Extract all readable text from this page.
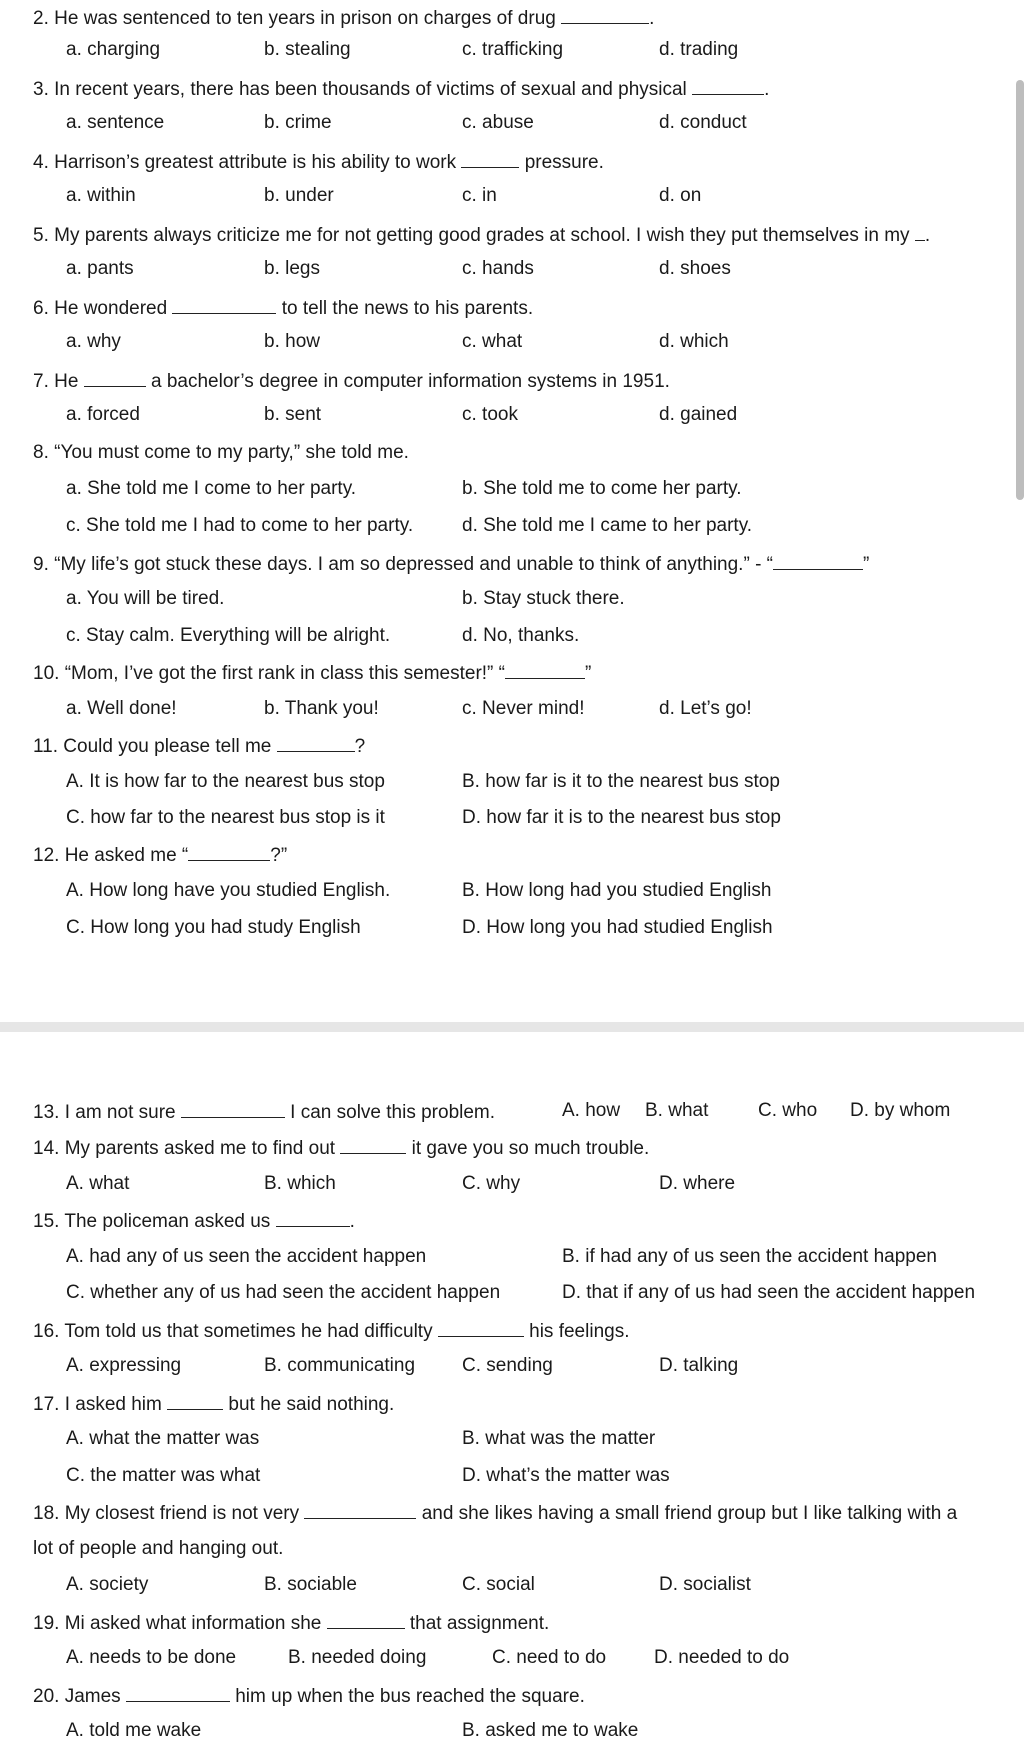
2. He was sentenced to ten years in prison on charges of drug	.
a. charging	b. stealing	c. trafficking	d. trading
3. In recent years, there has been thousands of victims of sexual and physical	.
a. sentence	b. crime	c. abuse	d. conduct
4. Harrison’s greatest attribute is his ability to work	pressure.
a. within	b. under	c. in	d. on
5. My parents always criticize me for not getting good grades at school. I wish they put themselves in my .
a. pants	b. legs	c. hands	d. shoes
6. He wondered	to tell the news to his parents.
a. why	b. how	c. what	d. which
7. He	a bachelor’s degree in computer information systems in 1951.
a. forced	b. sent	c. took	d. gained
8. “You must come to my party,” she told me.
a. She told me I come to her party.	b. She told me to come her party.
c. She told me I had to come to her party.	d. She told me I came to her party.
9. “My life’s got stuck these days. I am so depressed and unable to think of anything.” - “	”
a. You will be tired.	b. Stay stuck there.
c. Stay calm. Everything will be alright.	d. No, thanks.
10. “Mom, I’ve got the first rank in class this semester!” “	”
a. Well done!	b. Thank you!	c. Never mind!	d. Let’s go!
11. Could you please tell me	?
A. It is how far to the nearest bus stop	B. how far is it to the nearest bus stop
C. how far to the nearest bus stop is it	D. how far it is to the nearest bus stop
12. He asked me “	?”
A. How long have you studied English.	B. How long had you studied English
C. How long you had study English	D. How long you had studied English
13. I am not sure	I can solve this problem.	A. how B. what	C. who D. by whom
14. My parents asked me to find out	it gave you so much trouble.
A. what	B. which	C. why	D. where
15. The policeman asked us	.
A. had any of us seen the accident happen	B. if had any of us seen the accident happen
C. whether any of us had seen the accident happen	D. that if any of us had seen the accident happen
16. Tom told us that sometimes he had difficulty	his feelings.
A. expressing	B. communicating C. sending	D. talking
17. I asked him	but he said nothing.
A. what the matter was	B. what was the matter
C. the matter was what	D. what’s the matter was
18. My closest friend is not very	and she likes having a small friend group but I like talking with a
lot of people and hanging out.
A. society	B. sociable	C. social	D. socialist
19. Mi asked what information she	that assignment.
A. needs to be done	B. needed doing	C. need to do	D. needed to do
20. James	him up when the bus reached the square.
A. told me wake	B. asked me to wake
